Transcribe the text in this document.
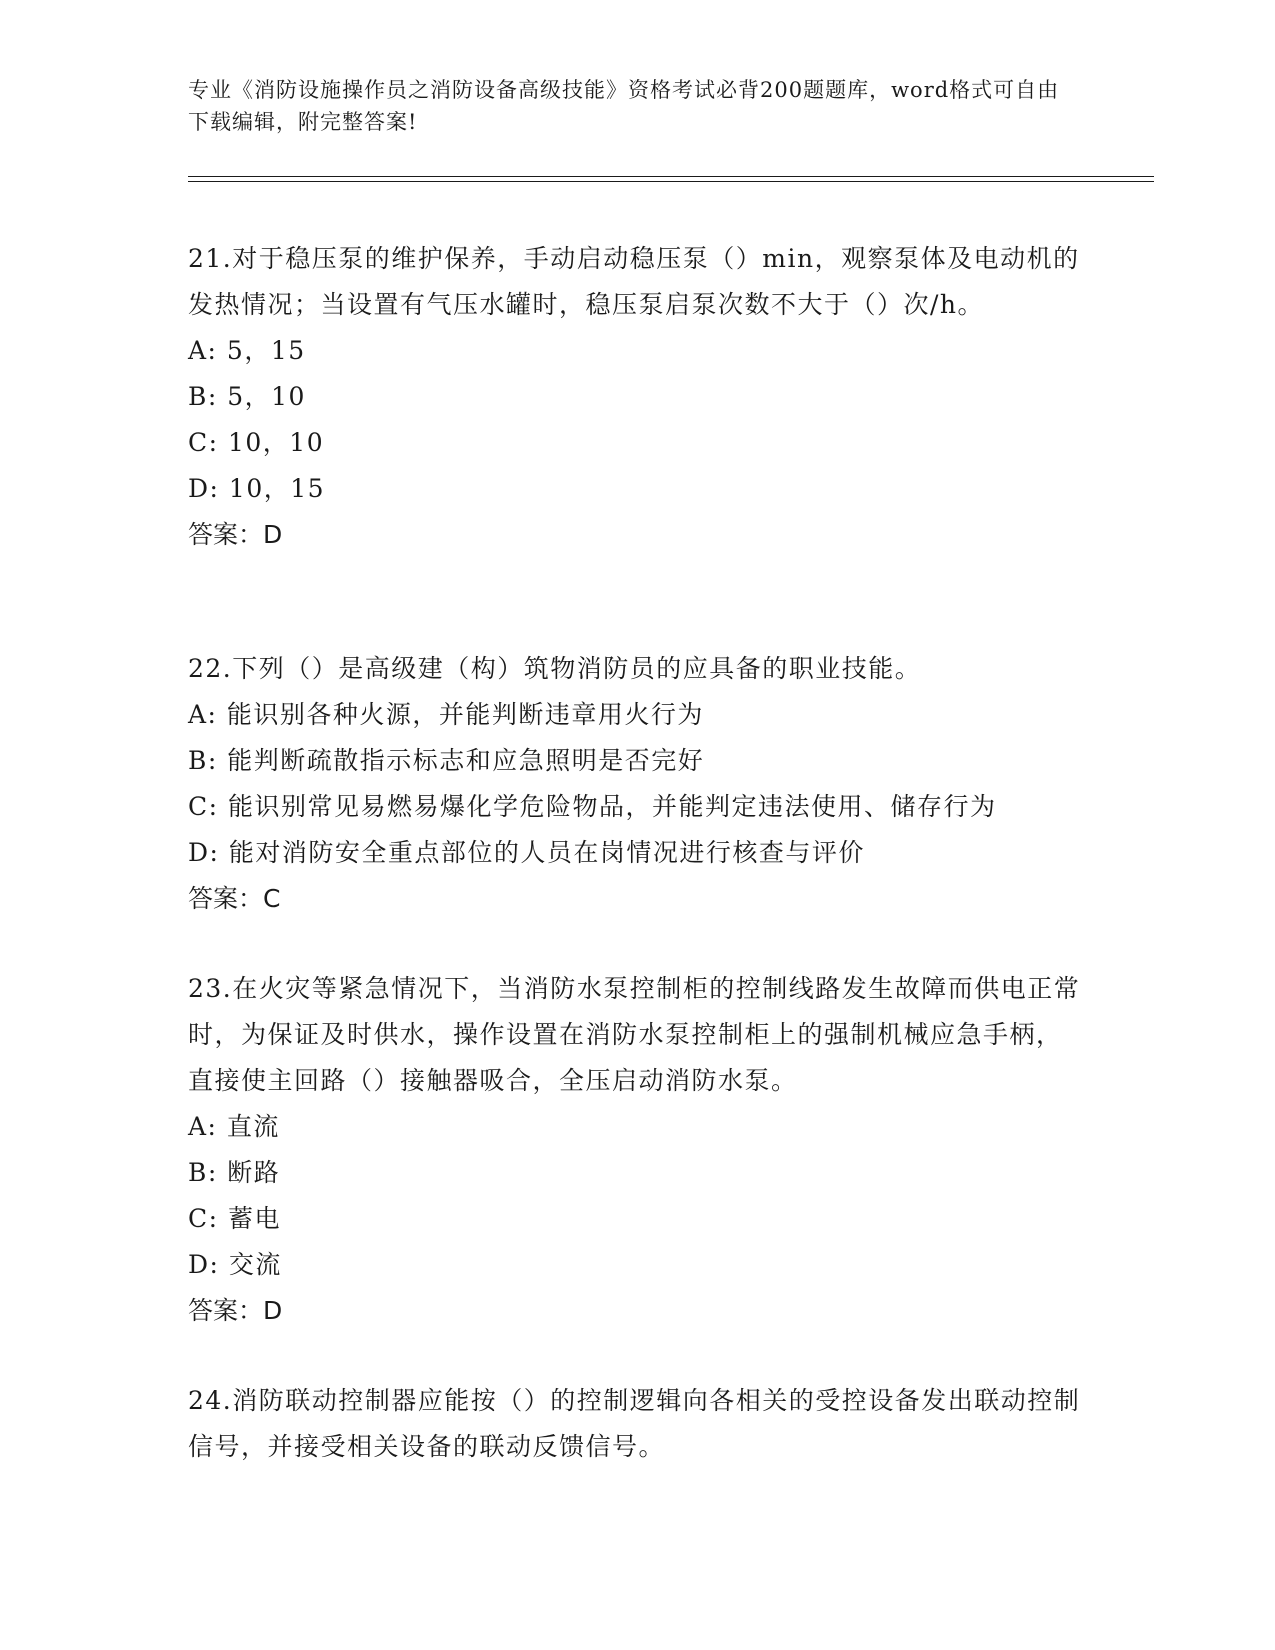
专业《消防设施操作员之消防设备高级技能》资格考试必背200题题库，word格式可自由下载编辑，附完整答案!

21.对于稳压泵的维护保养，手动启动稳压泵（）min，观察泵体及电动机的发热情况；当设置有气压水罐时，稳压泵启泵次数不大于（）次/h。

A: 5，15

B: 5，10

C: 10，10

D: 10，15

答案：D

22.下列（）是高级建（构）筑物消防员的应具备的职业技能。

A: 能识别各种火源，并能判断违章用火行为

B: 能判断疏散指示标志和应急照明是否完好

C: 能识别常见易燃易爆化学危险物品，并能判定违法使用、储存行为

D: 能对消防安全重点部位的人员在岗情况进行核查与评价

答案：C

23.在火灾等紧急情况下，当消防水泵控制柜的控制线路发生故障而供电正常时，为保证及时供水，操作设置在消防水泵控制柜上的强制机械应急手柄，直接使主回路（）接触器吸合，全压启动消防水泵。

A: 直流

B: 断路

C: 蓄电

D: 交流

答案：D

24.消防联动控制器应能按（）的控制逻辑向各相关的受控设备发出联动控制信号，并接受相关设备的联动反馈信号。
